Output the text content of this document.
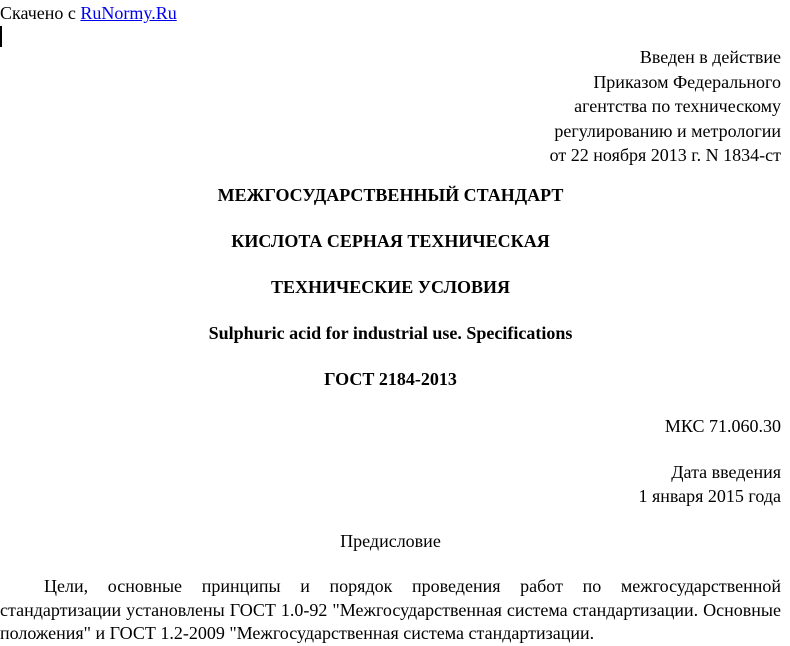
Скачено с RuNormy.Ru
Введен в действие
Приказом Федерального
агентства по техническому
регулированию и метрологии
от 22 ноября 2013 г. N 1834-ст
МЕЖГОСУДАРСТВЕННЫЙ СТАНДАРТ
КИСЛОТА СЕРНАЯ ТЕХНИЧЕСКАЯ
ТЕХНИЧЕСКИЕ УСЛОВИЯ
Sulphuric acid for industrial use. Specifications
ГОСТ 2184-2013
МКС 71.060.30
Дата введения
1 января 2015 года
Предисловие

Цели, основные принципы и порядок проведения работ по межгосударственной стандартизации установлены ГОСТ 1.0-92 "Межгосударственная система стандартизации. Основные положения" и ГОСТ 1.2-2009 "Межгосударственная система стандартизации.
